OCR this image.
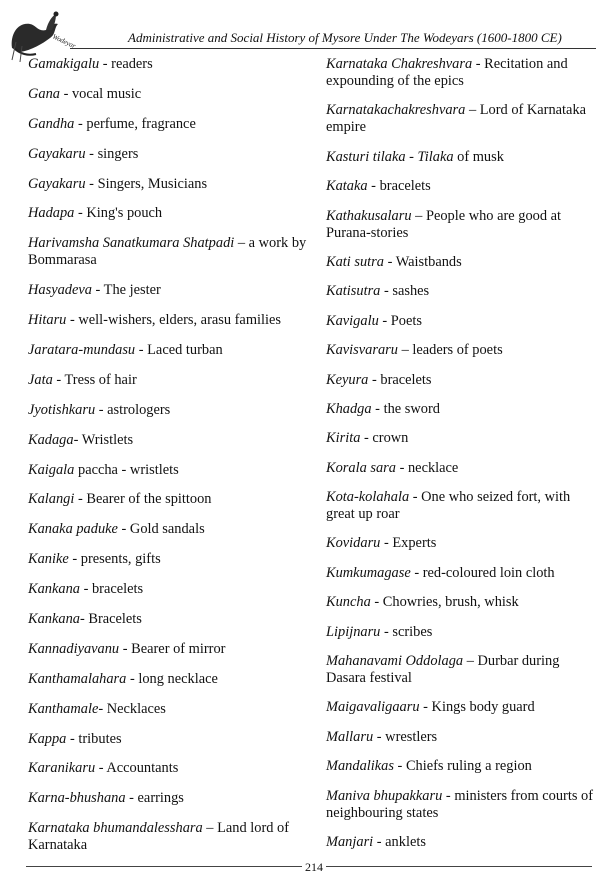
Wodeyar	Administrative and Social History of Mysore Under The Wodeyars (1600-1800 CE)

Gamakigalu - readers

Gana - vocal music

Gandha - perfume, fragrance

Gayakaru - singers

Gayakaru - Singers, Musicians

Hadapa - King's pouch

Harivamsha Sanatkumara Shatpadi – a work by Bommarasa

Hasyadeva - The jester

Hitaru - well-wishers, elders, arasu families

Jaratara-mundasu - Laced turban

Jata - Tress of hair

Jyotishkaru - astrologers

Kadaga- Wristlets

Kaigala paccha - wristlets

Kalangi - Bearer of the spittoon

Kanaka paduke - Gold sandals

Kanike - presents, gifts

Kankana - bracelets

Kankana- Bracelets

Kannadiyavanu - Bearer of mirror

Kanthamalahara - long necklace

Kanthamale- Necklaces

Kappa - tributes

Karanikaru - Accountants

Karna-bhushana - earrings

Karnataka bhumandalesshara – Land lord of Karnataka

Karnataka Chakreshvara - Recitation and expounding of the epics

Karnatakachakreshvara – Lord of Karnataka empire

Kasturi tilaka - Tilaka of musk

Kataka - bracelets

Kathakusalaru – People who are good at Purana-stories

Kati sutra - Waistbands

Katisutra - sashes

Kavigalu - Poets

Kavisvararu – leaders of poets

Keyura - bracelets

Khadga - the sword

Kirita - crown

Korala sara - necklace

Kota-kolahala - One who seized fort, with great up roar

Kovidaru - Experts

Kumkumagase - red-coloured loin cloth

Kuncha - Chowries, brush, whisk

Lipijnaru - scribes

Mahanavami Oddolaga – Durbar during Dasara festival

Maigavaligaaru - Kings body guard

Mallaru - wrestlers

Mandalikas - Chiefs ruling a region

Maniva bhupakkaru - ministers from courts of neighbouring states

Manjari - anklets

214
